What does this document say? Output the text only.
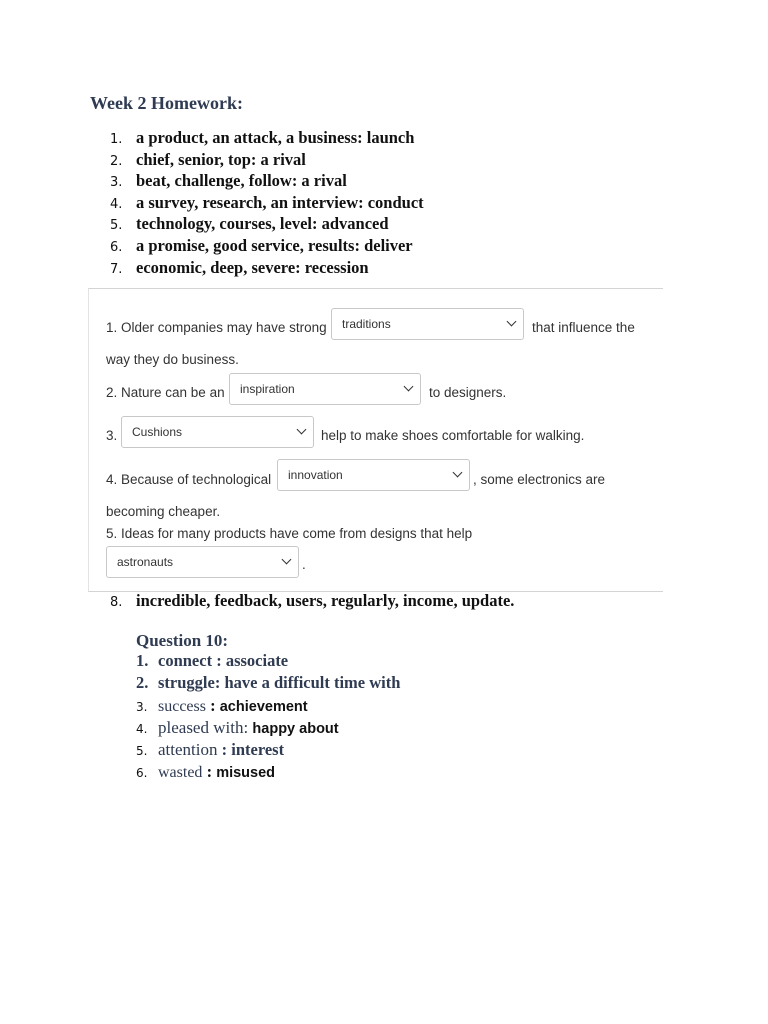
Week 2 Homework:
1. a product, an attack, a business: launch
2. chief, senior, top: a rival
3. beat, challenge, follow: a rival
4. a survey, research, an interview: conduct
5. technology, courses, level: advanced
6. a promise, good service, results: deliver
7. economic, deep, severe: recession
1. Older companies may have strong traditions	that influence the
way they do business.
2. Nature can be an inspiration	to designers.
3. Cushions	help to make shoes comfortable for walking.
4. Because of technological innovation	, some electronics are
becoming cheaper.
5. Ideas for many products have come from designs that help
astronauts	.
8. incredible, feedback, users, regularly, income, update.
Question 10:
1. connect : associate
2. struggle: have a difficult time with
3. success : achievement
4. pleased with: happy about
5. attention : interest
6. wasted : misused
